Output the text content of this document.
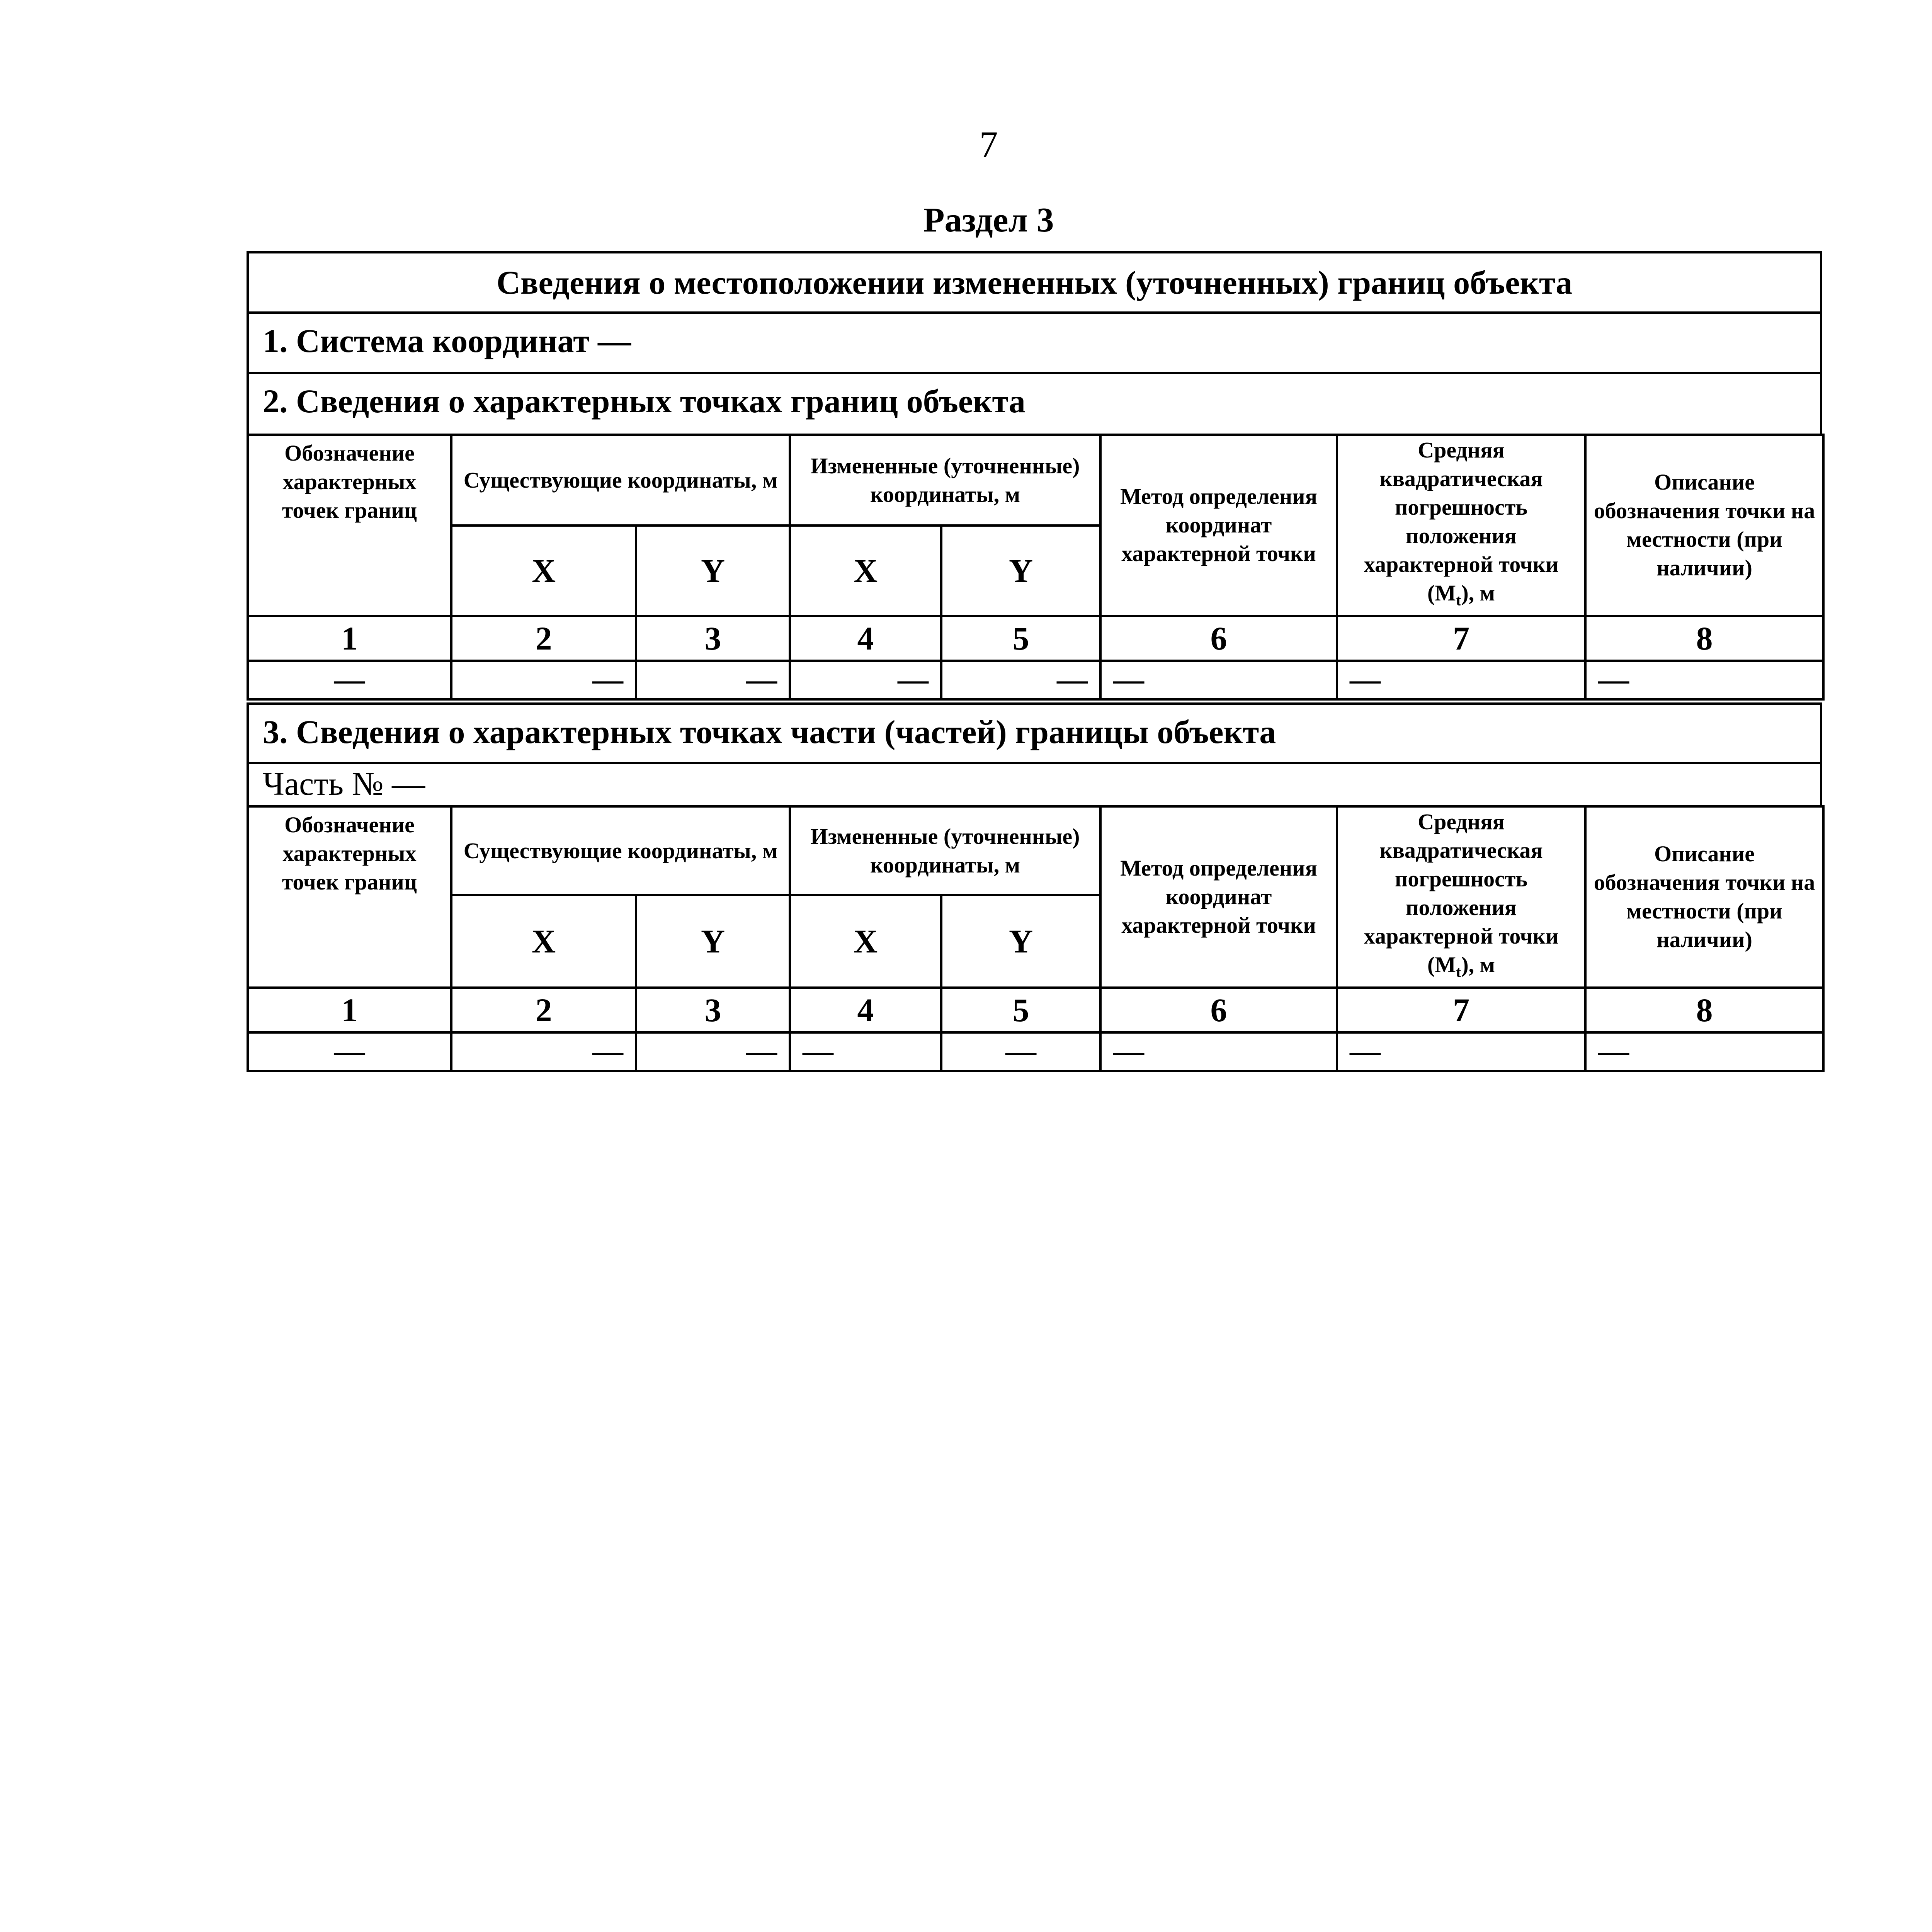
7
Раздел 3
Сведения о местоположении измененных (уточненных) границ объекта
1. Система координат —
2. Сведения о характерных точках границ объекта
Обозначение характерных точек границ	Существующие координаты, м		Измененные (уточненные) координаты, м		Метод определения координат характерной точки	Средняя квадратическая погрешность положения характерной точки $(M_t)$, м	Описание обозначения точки на местности (при наличии)
	X	Y	X	Y			
1	2	3	4	5	6	7	8
—	—	—	—	—	—	—	—
3. Сведения о характерных точках части (частей) границы объекта
Часть № —
Обозначение характерных точек границ	Существующие координаты, м		Измененные (уточненные) координаты, м		Метод определения координат характерной точки	Средняя квадратическая погрешность положения характерной точки $(M_t)$, м	Описание обозначения точки на местности (при наличии)
	X	Y	X	Y			
1	2	3	4	5	6	7	8
—	—	—	—	—	—	—	—
